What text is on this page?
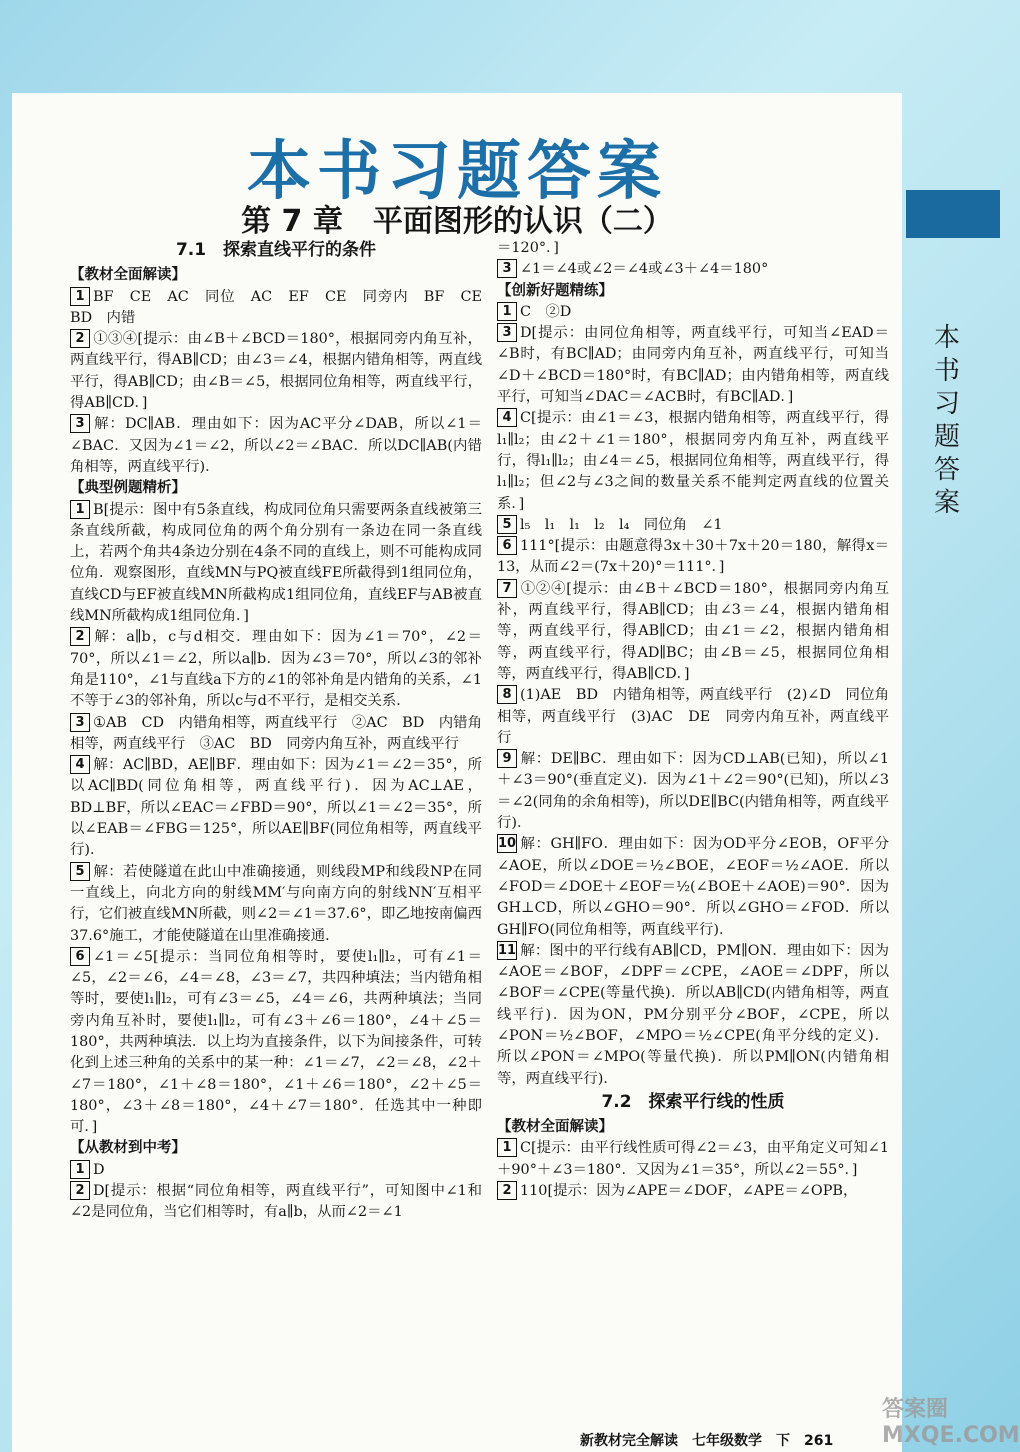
本
书
习
题
答
案
本书习题答案
第 7 章　平面图形的认识（二）
7.1　探索直线平行的条件
【教材全面解读】
1 BF　CE　AC　同位　AC　EF　CE　同旁内　BF　CE　BD　内错
2 ①③④[提示：由∠B＋∠BCD＝180°，根据同旁内角互补，两直线平行，得AB∥CD；由∠3＝∠4，根据内错角相等，两直线平行，得AB∥CD；由∠B＝∠5，根据同位角相等，两直线平行，得AB∥CD．]
3 解：DC∥AB．理由如下：因为AC平分∠DAB，所以∠1＝∠BAC．又因为∠1＝∠2，所以∠2＝∠BAC．所以DC∥AB(内错角相等，两直线平行)．
【典型例题精析】
1 B[提示：图中有5条直线，构成同位角只需要两条直线被第三条直线所截，构成同位角的两个角分别有一条边在同一条直线上，若两个角共4条边分别在4条不同的直线上，则不可能构成同位角．观察图形，直线MN与PQ被直线FE所截得到1组同位角，直线CD与EF被直线MN所截构成1组同位角，直线EF与AB被直线MN所截构成1组同位角．]
2 解：a∥b，c与d相交．理由如下：因为∠1＝70°，∠2＝70°，所以∠1＝∠2，所以a∥b．因为∠3＝70°，所以∠3的邻补角是110°，∠1与直线a下方的∠1的邻补角是内错角的关系，∠1不等于∠3的邻补角，所以c与d不平行，是相交关系．
3 ①AB　CD　内错角相等，两直线平行　②AC　BD　内错角相等，两直线平行　③AC　BD　同旁内角互补，两直线平行
4 解：AC∥BD，AE∥BF．理由如下：因为∠1＝∠2＝35°，所以AC∥BD(同位角相等，两直线平行)．因为AC⊥AE，BD⊥BF，所以∠EAC＝∠FBD＝90°，所以∠1＝∠2＝35°，所以∠EAB＝∠FBG＝125°，所以AE∥BF(同位角相等，两直线平行)．
5 解：若使隧道在此山中准确接通，则线段MP和线段NP在同一直线上，向北方向的射线MM′与向南方向的射线NN′互相平行，它们被直线MN所截，则∠2＝∠1＝37.6°，即乙地按南偏西37.6°施工，才能使隧道在山里准确接通．
6 ∠1＝∠5[提示：当同位角相等时，要使l₁∥l₂，可有∠1＝∠5，∠2＝∠6，∠4＝∠8，∠3＝∠7，共四种填法；当内错角相等时，要使l₁∥l₂，可有∠3＝∠5，∠4＝∠6，共两种填法；当同旁内角互补时，要使l₁∥l₂，可有∠3＋∠6＝180°，∠4＋∠5＝180°，共两种填法．以上均为直接条件，以下为间接条件，可转化到上述三种角的关系中的某一种：∠1＝∠7，∠2＝∠8，∠2＋∠7＝180°，∠1＋∠8＝180°，∠1＋∠6＝180°，∠2＋∠5＝180°，∠3＋∠8＝180°，∠4＋∠7＝180°．任选其中一种即可．]
【从教材到中考】
1 D
2 D[提示：根据“同位角相等，两直线平行”，可知图中∠1和∠2是同位角，当它们相等时，有a∥b，从而∠2＝∠1
＝120°．]
3 ∠1＝∠4或∠2＝∠4或∠3＋∠4＝180°
【创新好题精练】
1 C　②D
3 D[提示：由同位角相等，两直线平行，可知当∠EAD＝∠B时，有BC∥AD；由同旁内角互补，两直线平行，可知当∠D＋∠BCD＝180°时，有BC∥AD；由内错角相等，两直线平行，可知当∠DAC＝∠ACB时，有BC∥AD．]
4 C[提示：由∠1＝∠3，根据内错角相等，两直线平行，得l₁∥l₂；由∠2＋∠1＝180°，根据同旁内角互补，两直线平行，得l₁∥l₂；由∠4＝∠5，根据同位角相等，两直线平行，得l₁∥l₂；但∠2与∠3之间的数量关系不能判定两直线的位置关系．]
5 l₅　l₁　l₁　l₂　l₄　同位角　∠1
6 111°[提示：由题意得3x＋30＋7x＋20＝180，解得x＝13，从而∠2＝(7x＋20)°＝111°．]
7 ①②④[提示：由∠B＋∠BCD＝180°，根据同旁内角互补，两直线平行，得AB∥CD；由∠3＝∠4，根据内错角相等，两直线平行，得AB∥CD；由∠1＝∠2，根据内错角相等，两直线平行，得AD∥BC；由∠B＝∠5，根据同位角相等，两直线平行，得AB∥CD．]
8 (1)AE　BD　内错角相等，两直线平行　(2)∠D　同位角相等，两直线平行　(3)AC　DE　同旁内角互补，两直线平行
9 解：DE∥BC．理由如下：因为CD⊥AB(已知)，所以∠1＋∠3＝90°(垂直定义)．因为∠1＋∠2＝90°(已知)，所以∠3＝∠2(同角的余角相等)，所以DE∥BC(内错角相等，两直线平行)．
10 解：GH∥FO．理由如下：因为OD平分∠EOB，OF平分∠AOE，所以∠DOE＝½∠BOE，∠EOF＝½∠AOE．所以∠FOD＝∠DOE＋∠EOF＝½(∠BOE＋∠AOE)＝90°．因为GH⊥CD，所以∠GHO＝90°．所以∠GHO＝∠FOD．所以GH∥FO(同位角相等，两直线平行)．
11 解：图中的平行线有AB∥CD，PM∥ON．理由如下：因为∠AOE＝∠BOF，∠DPF＝∠CPE，∠AOE＝∠DPF，所以∠BOF＝∠CPE(等量代换)．所以AB∥CD(内错角相等，两直线平行)．因为ON，PM分别平分∠BOF，∠CPE，所以∠PON＝½∠BOF，∠MPO＝½∠CPE(角平分线的定义)．所以∠PON＝∠MPO(等量代换)．所以PM∥ON(内错角相等，两直线平行)．
7.2　探索平行线的性质
【教材全面解读】
1 C[提示：由平行线性质可得∠2＝∠3，由平角定义可知∠1＋90°＋∠3＝180°．又因为∠1＝35°，所以∠2＝55°．]
2 110[提示：因为∠APE＝∠DOF，∠APE＝∠OPB，
新教材完全解读　七年级数学　下　261
答案圈 MXQE.COM
